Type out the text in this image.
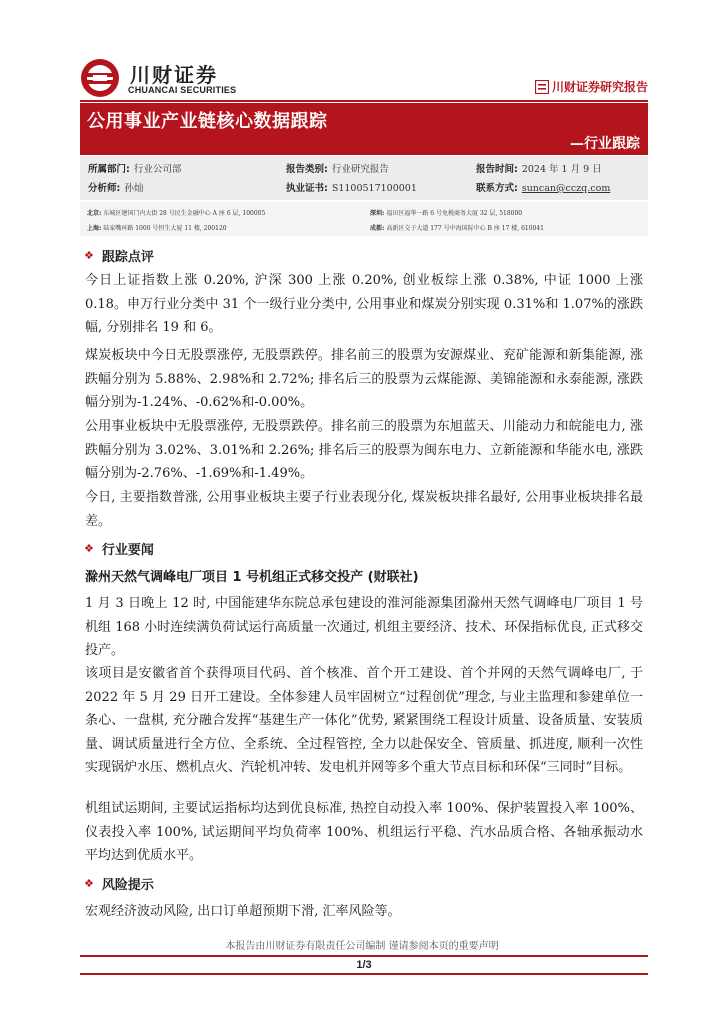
川财证券
CHUANCAI SECURITIES	川财证券研究报告
公用事业产业链核心数据跟踪
—行业跟踪
所属部门: 行业公司部	报告类别: 行业研究报告	报告时间: 2024 年 1 月 9 日
分析师: 孙灿	执业证书: S1100517100001	联系方式: suncan@cczq.com
北京: 东城区建国门内大街 28 号民生金融中心 A 座 6 层, 100005	深圳: 福田区福华一路 6 号免税商务大厦 32 层, 518000
上海: 陆家嘴环路 1000 号恒生大厦 11 楼, 200120	成都: 高新区交子大道 177 号中海国际中心 B 座 17 楼, 610041
❖ 跟踪点评
今日上证指数上涨 0.20%, 沪深 300 上涨 0.20%, 创业板综上涨 0.38%, 中证 1000 上涨 0.18。申万行业分类中 31 个一级行业分类中, 公用事业和煤炭分别实现 0.31%和 1.07%的涨跌幅, 分别排名 19 和 6。
煤炭板块中今日无股票涨停, 无股票跌停。排名前三的股票为安源煤业、兖矿能源和新集能源, 涨跌幅分别为 5.88%、2.98%和 2.72%; 排名后三的股票为云煤能源、美锦能源和永泰能源, 涨跌幅分别为-1.24%、-0.62%和-0.00%。
公用事业板块中无股票涨停, 无股票跌停。排名前三的股票为东旭蓝天、川能动力和皖能电力, 涨跌幅分别为 3.02%、3.01%和 2.26%; 排名后三的股票为闽东电力、立新能源和华能水电, 涨跌幅分别为-2.76%、-1.69%和-1.49%。
今日, 主要指数普涨, 公用事业板块主要子行业表现分化, 煤炭板块排名最好, 公用事业板块排名最差。
❖ 行业要闻
滁州天然气调峰电厂项目 1 号机组正式移交投产 (财联社)
1 月 3 日晚上 12 时, 中国能建华东院总承包建设的淮河能源集团滁州天然气调峰电厂项目 1 号机组 168 小时连续满负荷试运行高质量一次通过, 机组主要经济、技术、环保指标优良, 正式移交投产。
该项目是安徽省首个获得项目代码、首个核准、首个开工建设、首个并网的天然气调峰电厂, 于 2022 年 5 月 29 日开工建设。全体参建人员牢固树立“过程创优”理念, 与业主监理和参建单位一条心、一盘棋, 充分融合发挥“基建生产一体化”优势, 紧紧围绕工程设计质量、设备质量、安装质量、调试质量进行全方位、全系统、全过程管控, 全力以赴保安全、管质量、抓进度, 顺利一次性实现锅炉水压、燃机点火、汽轮机冲转、发电机并网等多个重大节点目标和环保“三同时”目标。
机组试运期间, 主要试运指标均达到优良标准, 热控自动投入率 100%、保护装置投入率 100%、仪表投入率 100%, 试运期间平均负荷率 100%、机组运行平稳、汽水品质合格、各轴承振动水平均达到优质水平。
❖ 风险提示
宏观经济波动风险, 出口订单超预期下滑, 汇率风险等。
本报告由川财证券有限责任公司编制 谨请参阅本页的重要声明
1/3
